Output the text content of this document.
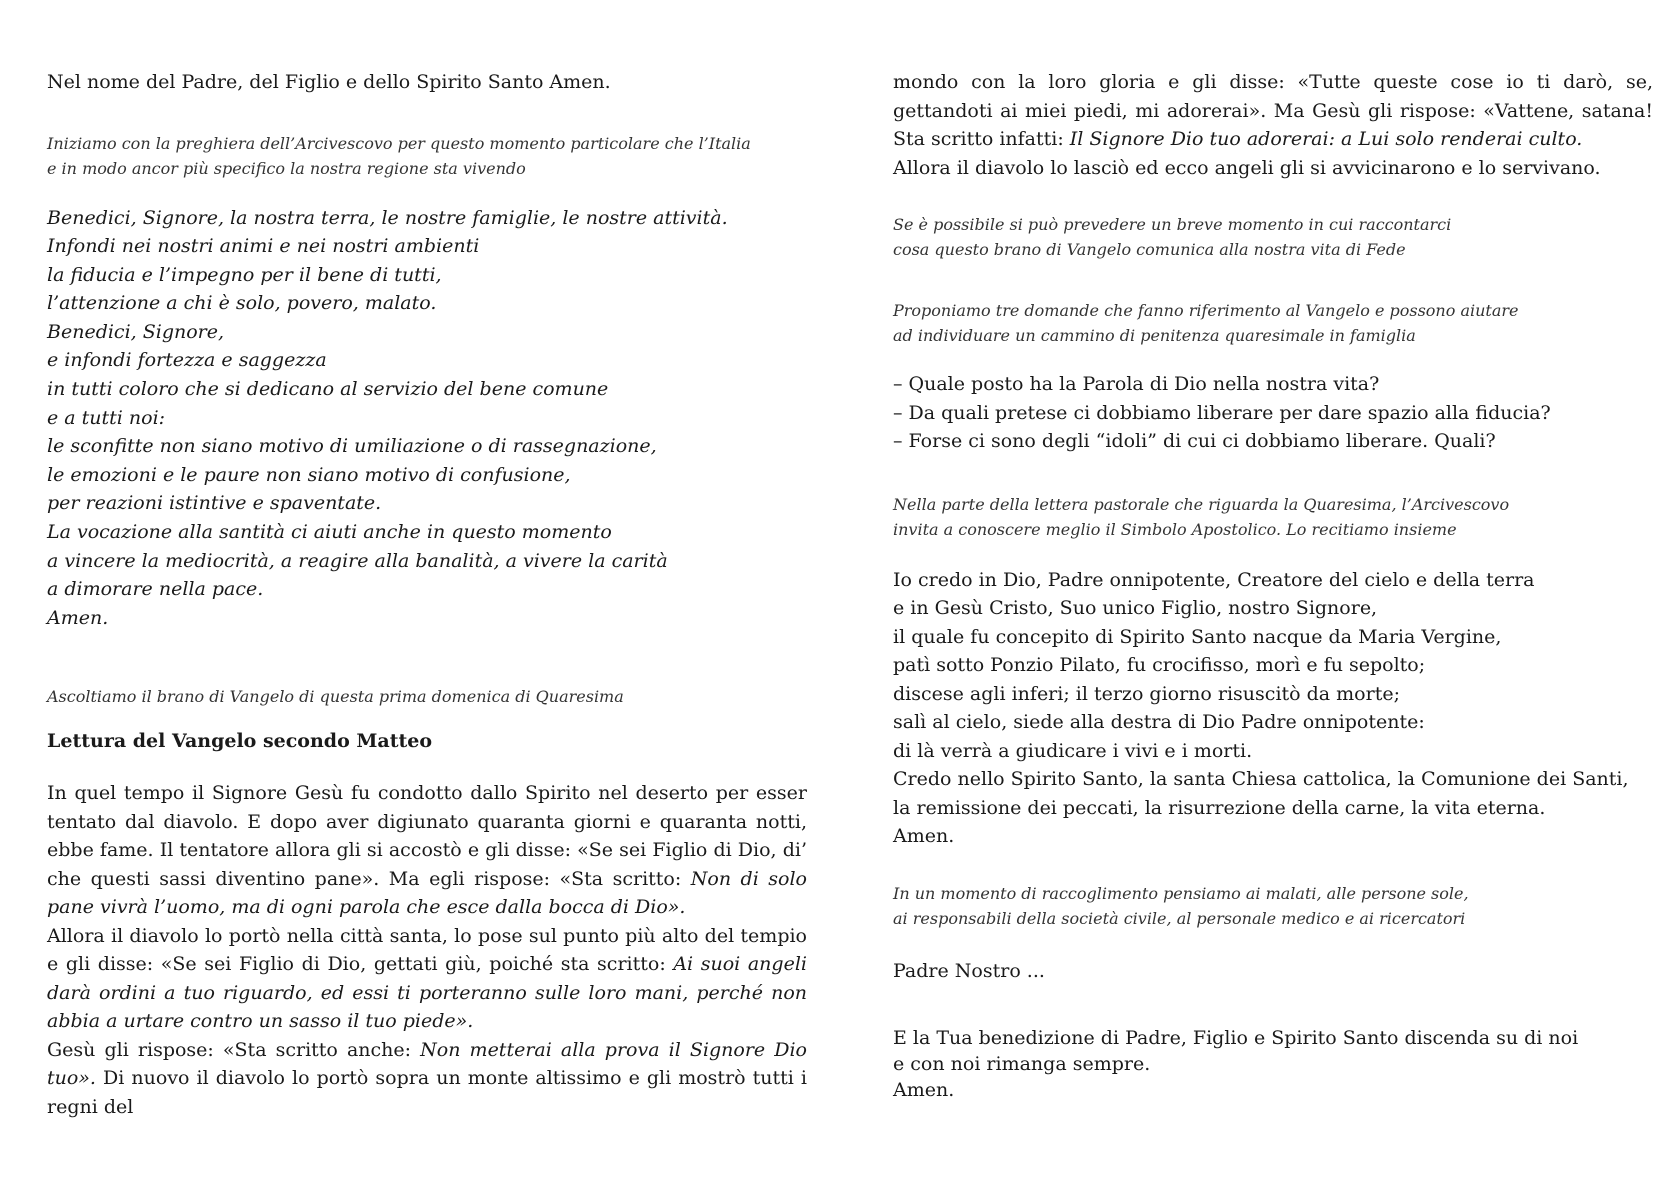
Nel nome del Padre, del Figlio e dello Spirito Santo Amen.

Iniziamo con la preghiera dell’Arcivescovo per questo momento particolare che l’Italia
e in modo ancor più specifico la nostra regione sta vivendo
Benedici, Signore, la nostra terra, le nostre famiglie, le nostre attività.
Infondi nei nostri animi e nei nostri ambienti
la fiducia e l’impegno per il bene di tutti,
l’attenzione a chi è solo, povero, malato.
Benedici, Signore,
e infondi fortezza e saggezza
in tutti coloro che si dedicano al servizio del bene comune
e a tutti noi:
le sconfitte non siano motivo di umiliazione o di rassegnazione,
le emozioni e le paure non siano motivo di confusione,
per reazioni istintive e spaventate.
La vocazione alla santità ci aiuti anche in questo momento
a vincere la mediocrità, a reagire alla banalità, a vivere la carità
a dimorare nella pace.
Amen.

Ascoltiamo il brano di Vangelo di questa prima domenica di Quaresima

Lettura del Vangelo secondo Matteo

In quel tempo il Signore Gesù fu condotto dallo Spirito nel deserto per esser tentato dal diavolo. E dopo aver digiunato quaranta giorni e quaranta notti, ebbe fame. Il tentatore allora gli si accostò e gli disse: «Se sei Figlio di Dio, di’ che questi sassi diventino pane». Ma egli rispose: «Sta scritto: Non di solo pane vivrà l’uomo, ma di ogni parola che esce dalla bocca di Dio».

Allora il diavolo lo portò nella città santa, lo pose sul punto più alto del tempio e gli disse: «Se sei Figlio di Dio, gettati giù, poiché sta scritto: Ai suoi angeli darà ordini a tuo riguardo, ed essi ti porteranno sulle loro mani, perché non abbia a urtare contro un sasso il tuo piede».

Gesù gli rispose: «Sta scritto anche: Non metterai alla prova il Signore Dio tuo». Di nuovo il diavolo lo portò sopra un monte altissimo e gli mostrò tutti i regni del

mondo con la loro gloria e gli disse: «Tutte queste cose io ti darò, se, gettandoti ai miei piedi, mi adorerai». Ma Gesù gli rispose: «Vattene, satana! Sta scritto infatti: Il Signore Dio tuo adorerai: a Lui solo renderai culto.

Allora il diavolo lo lasciò ed ecco angeli gli si avvicinarono e lo servivano.

Se è possibile si può prevedere un breve momento in cui raccontarci
cosa questo brano di Vangelo comunica alla nostra vita di Fede
Proponiamo tre domande che fanno riferimento al Vangelo e possono aiutare
ad individuare un cammino di penitenza quaresimale in famiglia
– Quale posto ha la Parola di Dio nella nostra vita?
– Da quali pretese ci dobbiamo liberare per dare spazio alla fiducia?
– Forse ci sono degli “idoli” di cui ci dobbiamo liberare. Quali?
Nella parte della lettera pastorale che riguarda la Quaresima, l’Arcivescovo
invita a conoscere meglio il Simbolo Apostolico. Lo recitiamo insieme
Io credo in Dio, Padre onnipotente, Creatore del cielo e della terra
e in Gesù Cristo, Suo unico Figlio, nostro Signore,
il quale fu concepito di Spirito Santo nacque da Maria Vergine,
patì sotto Ponzio Pilato, fu crocifisso, morì e fu sepolto;
discese agli inferi; il terzo giorno risuscitò da morte;
salì al cielo, siede alla destra di Dio Padre onnipotente:
di là verrà a giudicare i vivi e i morti.
Credo nello Spirito Santo, la santa Chiesa cattolica, la Comunione dei Santi,
la remissione dei peccati, la risurrezione della carne, la vita eterna.
Amen.
In un momento di raccoglimento pensiamo ai malati, alle persone sole,
ai responsabili della società civile, al personale medico e ai ricercatori

Padre Nostro ...

E la Tua benedizione di Padre, Figlio e Spirito Santo discenda su di noi
e con noi rimanga sempre.
Amen.
